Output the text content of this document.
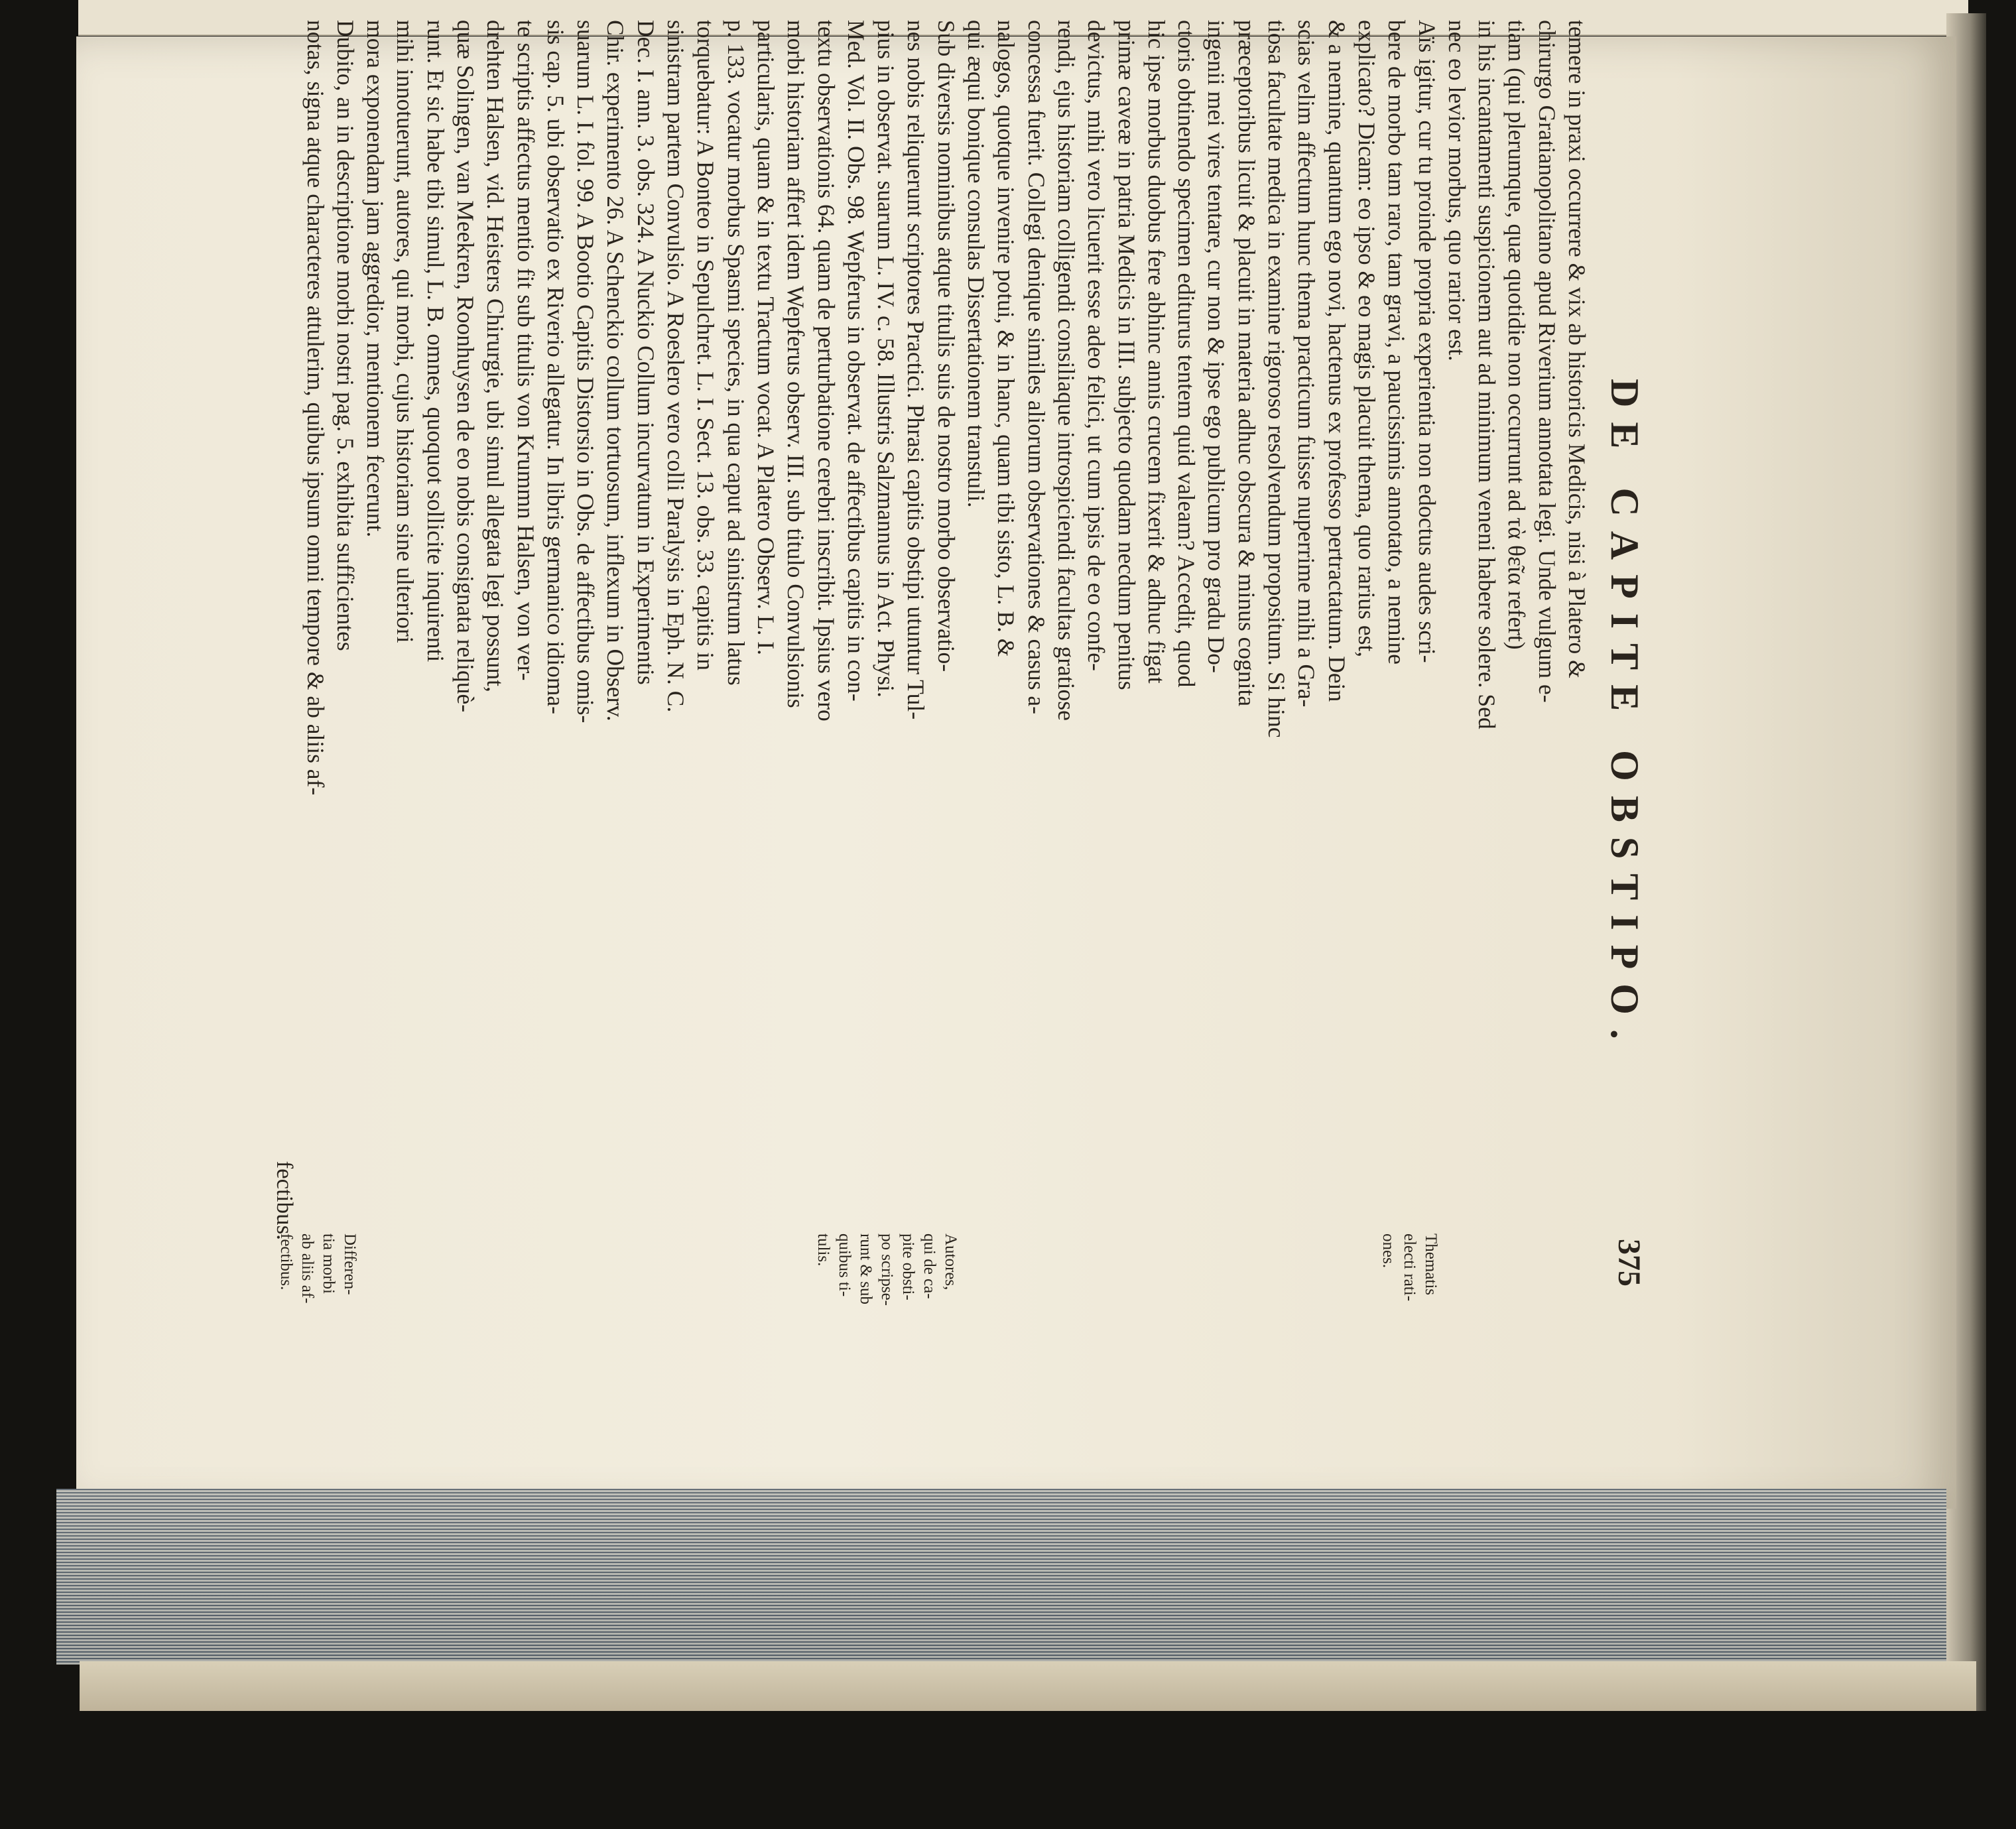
DE CAPITE OBSTIPO.
375
temere in praxi occurrere & vix ab historicis Medicis, nisi à Platero &
chirurgo Gratianopolitano apud Riverium annotata legi. Unde vulgum e-
tiam (qui plerumque, quæ quotidie non occurrunt ad τὰ θεῖα refert)
in his incantamenti suspicionem aut ad minimum veneni habere solere. Sed
nec eo levior morbus, quo rarior est.
Aïs igitur, cur tu proinde propria experientia non edoctus audes scri-
bere de morbo tam raro, tam gravi, a paucissimis annotato, a nemine
explicato? Dicam: eo ipso & eo magis placuit thema, quo rarius est,
& a nemine, quantum ego novi, hactenus ex professo pertractatum. Dein
scias velim affectum hunc thema practicum fuisse nuperrime mihi a Gra-
tiosa facultate medica in examine rigoroso resolvendum propositum. Si hinc
præceptoribus licuit & placuit in materia adhuc obscura & minus cognita
ingenii mei vires tentare, cur non & ipse ego publicum pro gradu Do-
ctoris obtinendo specimen editurus tentem quid valeam? Accedit, quod
hic ipse morbus duobus fere abhinc annis crucem fixerit & adhuc figat
primæ caveæ in patria Medicis in III. subjecto quodam necdum penitus
devictus, mihi vero licuerit esse adeo felici, ut cum ipsis de eo confe-
rendi, ejus historiam colligendi consiliaque introspiciendi facultas gratiose
concessa fuerit. Collegi denique similes aliorum observationes & casus a-
nalogos, quotque invenire potui, & in hanc, quam tibi sisto, L. B. &
qui æqui bonique consulas Dissertationem transtuli.
Sub diversis nominibus atque titulis suis de nostro morbo observatio-
nes nobis reliquerunt scriptores Practici. Phrasi capitis obstipi utuntur Tul-
pius in observat. suarum L. IV. c. 58. Illustris Salzmannus in Act. Physi.
Med. Vol. II. Obs. 98. Wepferus in observat. de affectibus capitis in con-
textu observationis 64. quam de perturbatione cerebri inscribit. Ipsius vero
morbi historiam affert idem Wepferus observ. III. sub titulo Convulsionis
particularis, quam & in textu Tractum vocat. A Platero Observ. L. I.
p. 133. vocatur morbus Spasmi species, in qua caput ad sinistrum latus
torquebatur: A Bonteo in Sepulchret. L. I. Sect. 13. obs. 33. capitis in
sinistram partem Convulsio. A Roeslero vero colli Paralysis in Eph. N. C.
Dec. I. ann. 3. obs. 324. A Nuckio Collum incurvatum in Experimentis
Chir. experimento 26. A Schenckio collum tortuosum, inflexum in Observ.
suarum L. I. fol. 99. A Bootio Capitis Distorsio in Obs. de affectibus omis-
sis cap. 5. ubi observatio ex Riverio allegatur. In libris germanico idioma-
te scriptis affectus mentio fit sub titulis von Krummn Halsen, von ver-
drehten Halsen, vid. Heisters Chirurgie, ubi simul allegata legi possunt,
quæ Solingen, van Meekren, Roonhuysen de eo nobis consignata reliquè-
runt. Et sic habe tibi simul, L. B. omnes, quoquot sollicite inquirenti
mihi innotuerunt, autores, qui morbi, cujus historiam sine ulteriori
mora exponendam jam aggredior, mentionem fecerunt.
Dubito, an in descriptione morbi nostri pag. 5. exhibita sufficientes
notas, signa atque characteres attulerim, quibus ipsum omni tempore & ab aliis af-
Thematis
electi rati-
ones.
Autores,
qui de ca-
pite obsti-
po scripse-
runt & sub
quibus ti-
tulis.
Differen-
tia morbi
ab aliis af-
fectibus.
fectibus.
